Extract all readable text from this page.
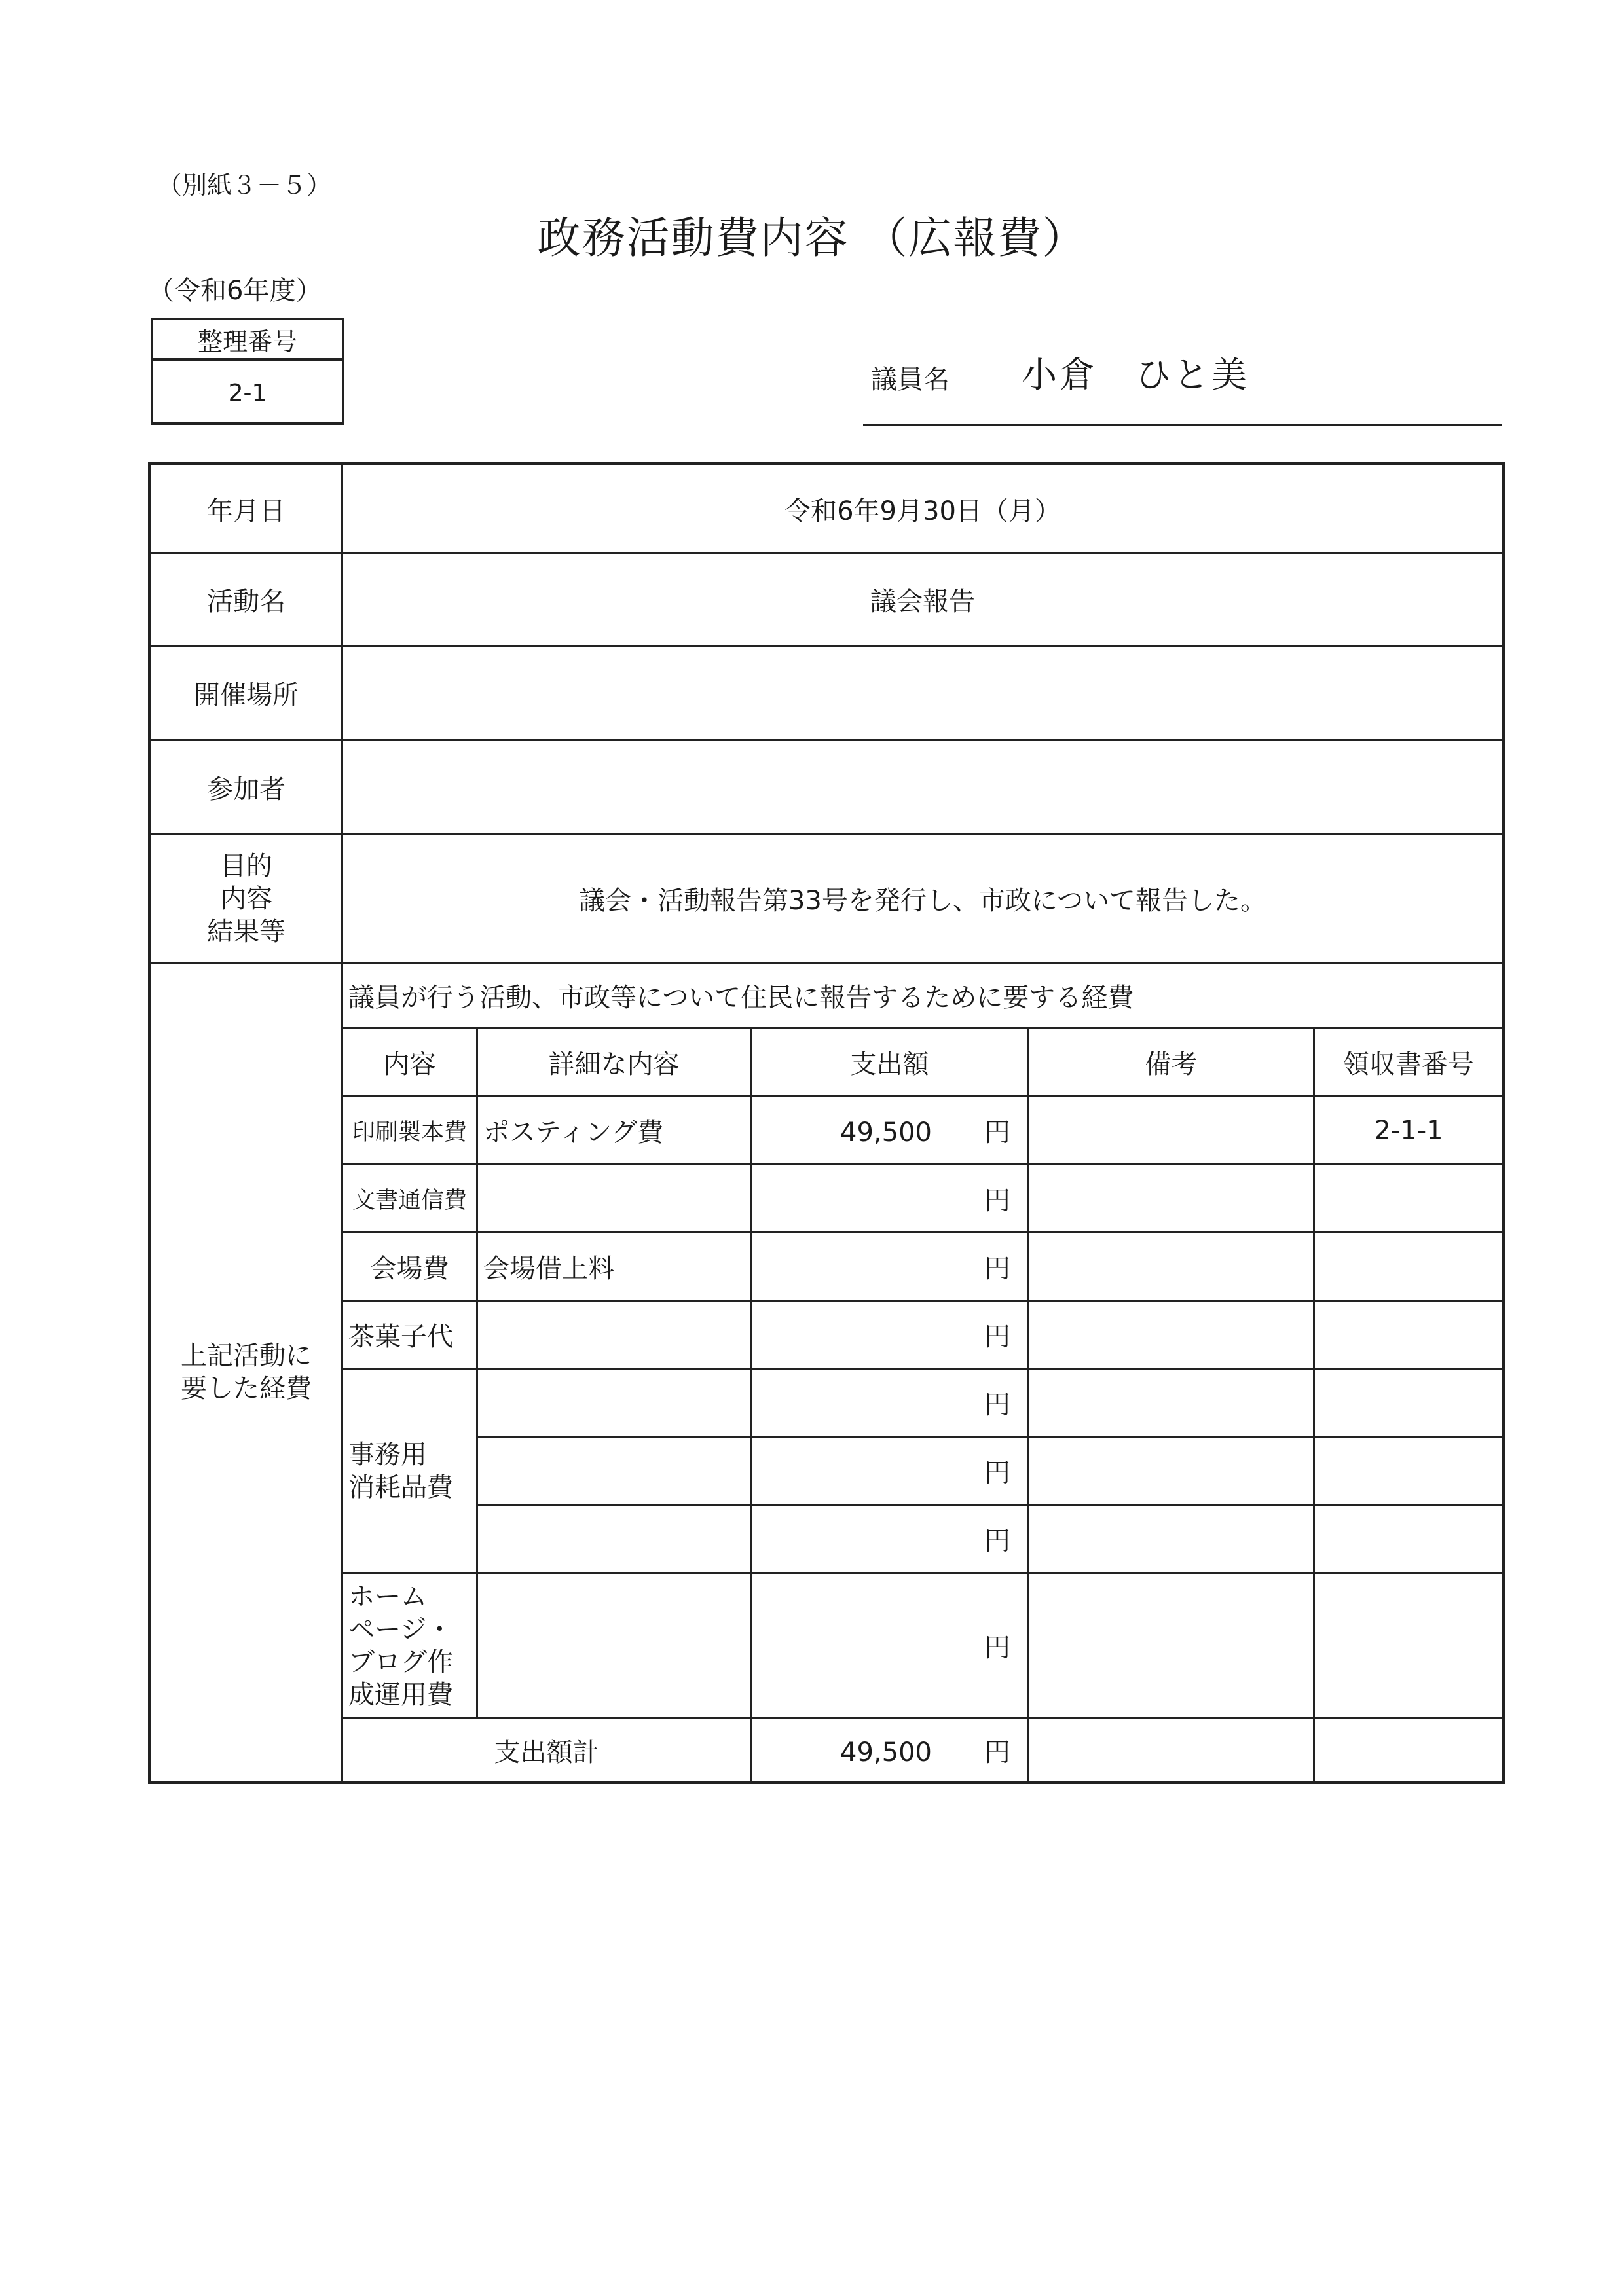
（別紙３－５）
政務活動費内容 （広報費）
（令和6年度）
整理番号
2-1	議員名 小倉　ひと美
年月日	令和6年9月30日（月）				
活動名	議会報告				
開催場所					
参加者					

目的
内容
結果等	議会・活動報告第33号を発行し、市政について報告した。				

上記活動に
要した経費	議員が行う活動、市政等について住民に報告するために要する経費				
	内容	詳細な内容	支出額	備考	領収書番号
	印刷製本費	ポスティング費	49,500 円		2-1-1
	文書通信費		円		
	会場費	会場借上料	円		
	茶菓子代		円		

	事務用
消耗品費		円		
			円		
			円		

	ホーム
ページ・
ブログ作
成運用費		円		
	支出額計		49,500 円		
